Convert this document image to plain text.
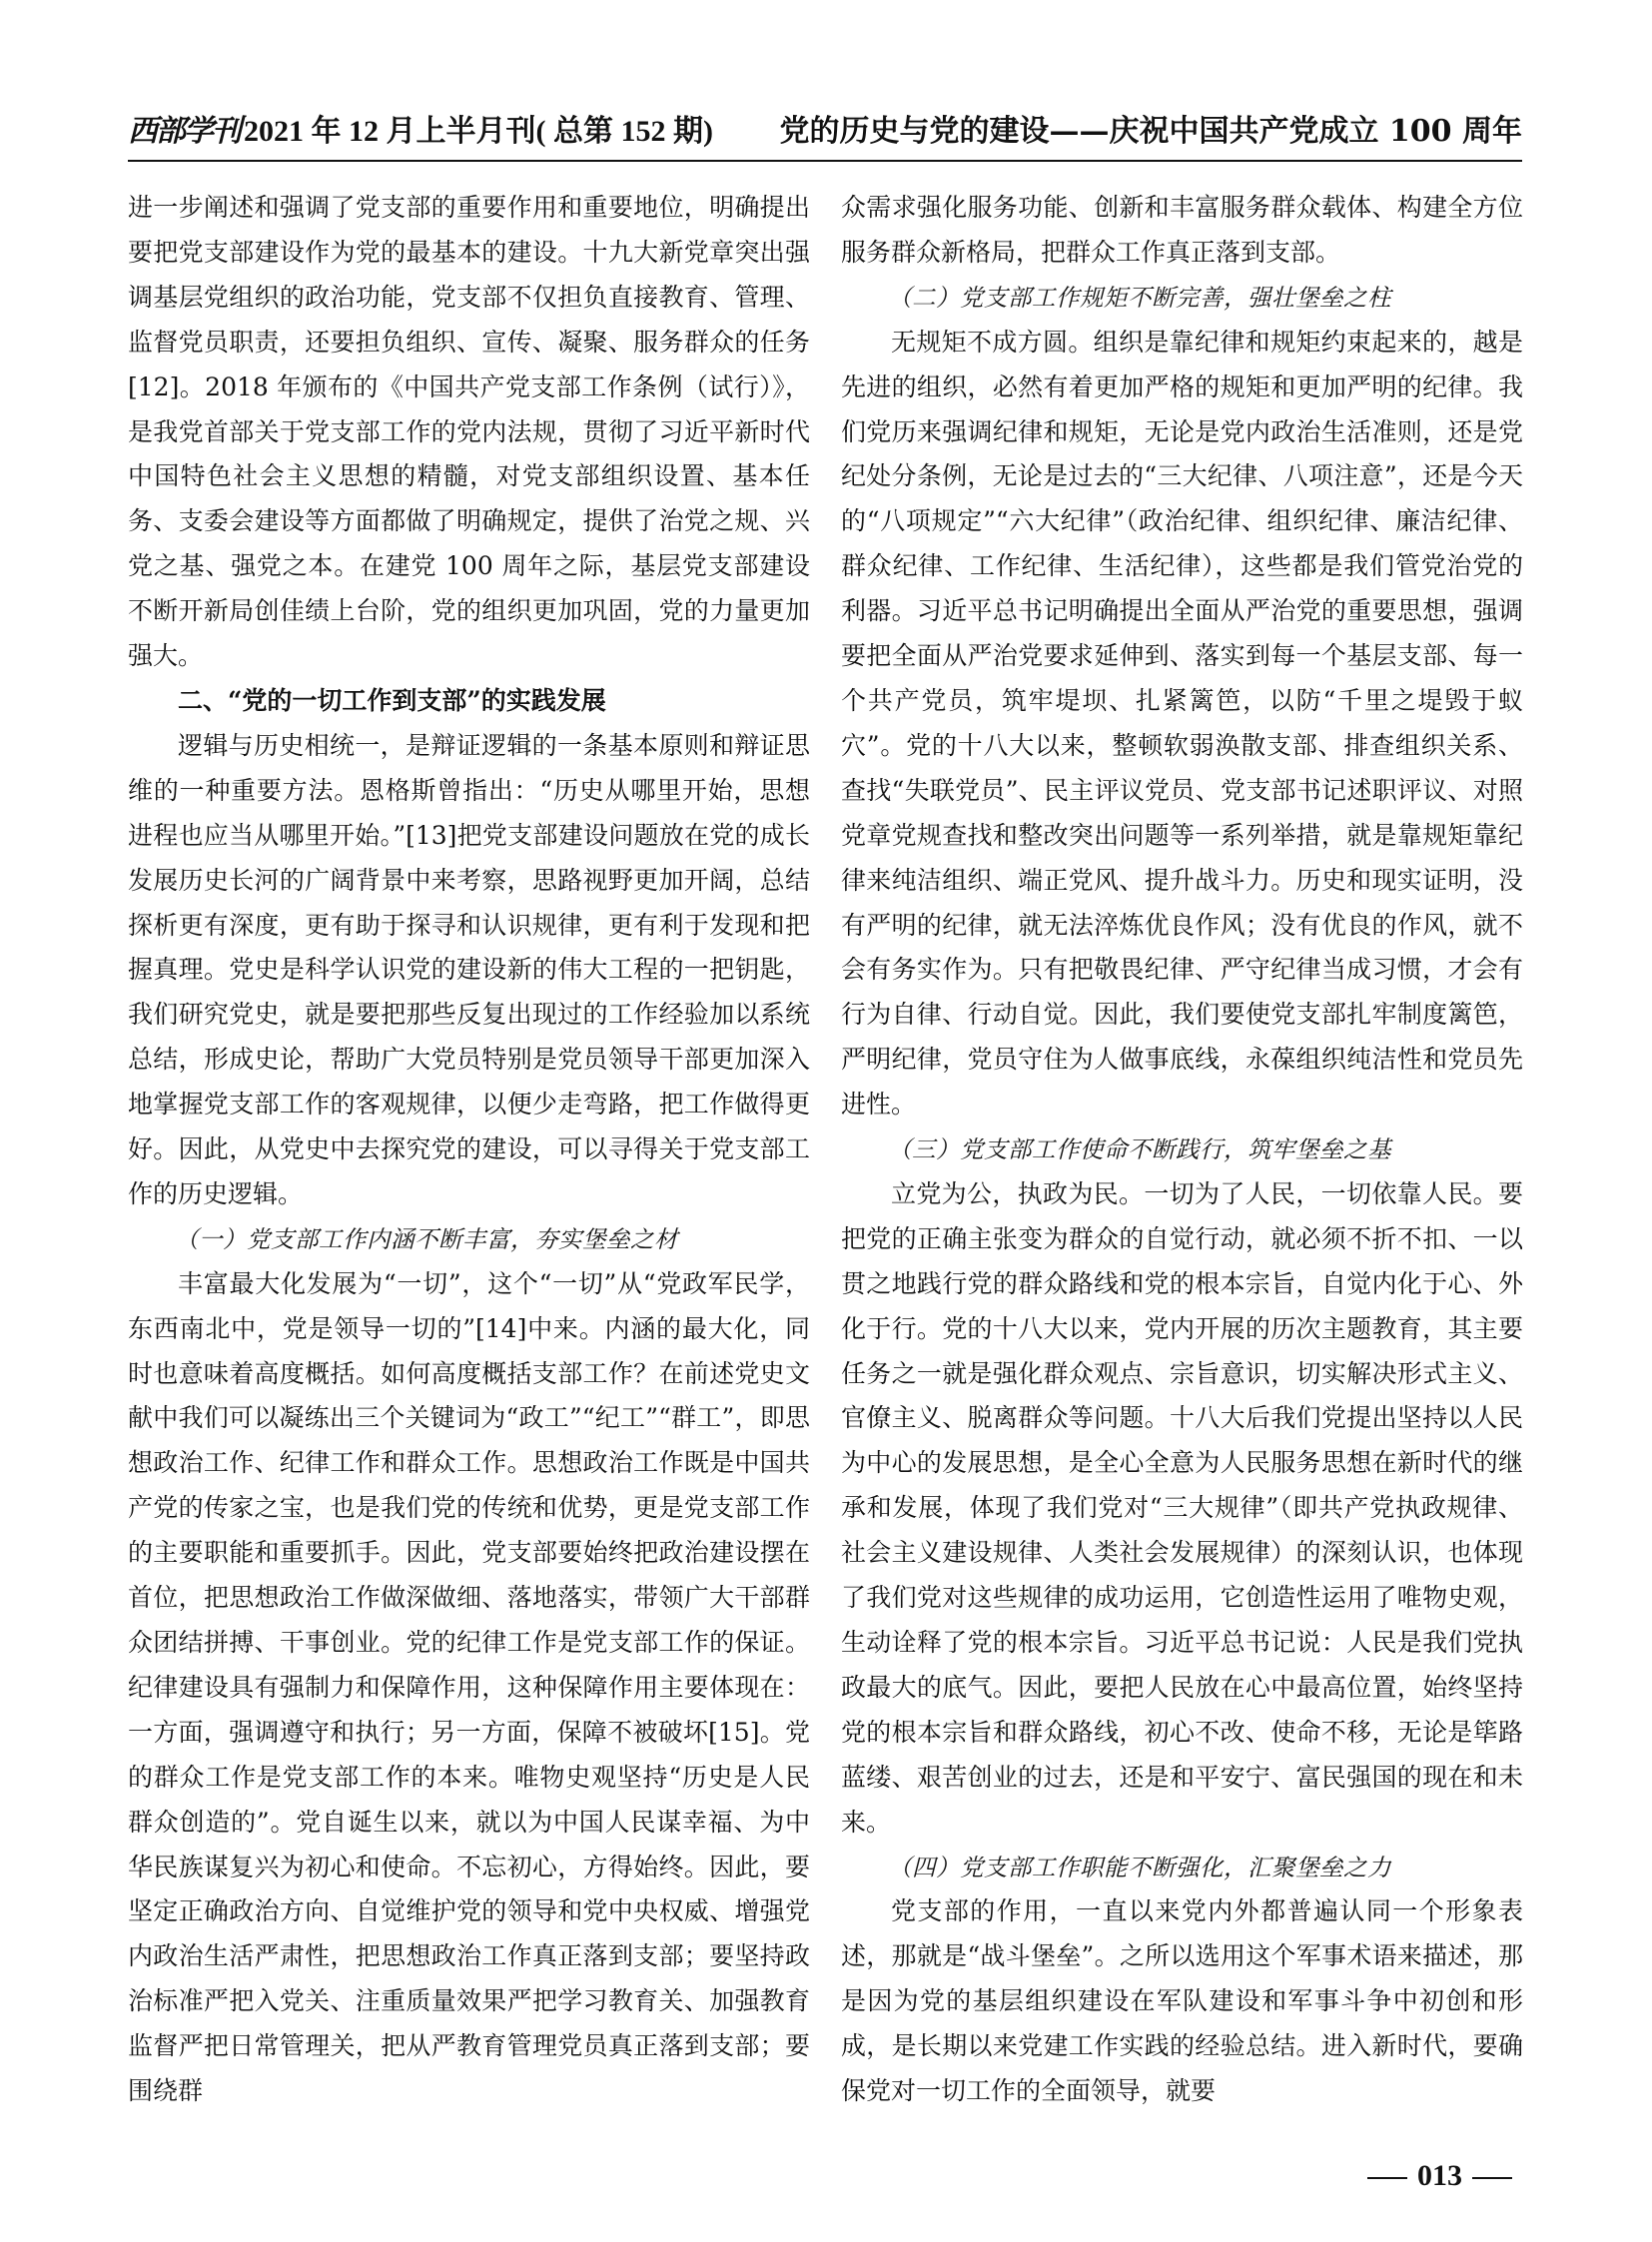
西部学刊 2021 年 12 月上半月刊( 总第 152 期) 党的历史与党的建设——庆祝中国共产党成立 100 周年

进一步阐述和强调了党支部的重要作用和重要地位，明确提出要把党支部建设作为党的最基本的建设。十九大新党章突出强调基层党组织的政治功能，党支部不仅担负直接教育、管理、监督党员职责，还要担负组织、宣传、凝聚、服务群众的任务[12]。2018 年颁布的《中国共产党支部工作条例（试行）》，是我党首部关于党支部工作的党内法规，贯彻了习近平新时代中国特色社会主义思想的精髓，对党支部组织设置、基本任务、支委会建设等方面都做了明确规定，提供了治党之规、兴党之基、强党之本。在建党 100 周年之际，基层党支部建设不断开新局创佳绩上台阶，党的组织更加巩固，党的力量更加强大。

二、“党的一切工作到支部”的实践发展

逻辑与历史相统一，是辩证逻辑的一条基本原则和辩证思维的一种重要方法。恩格斯曾指出：“历史从哪里开始，思想进程也应当从哪里开始。”[13]把党支部建设问题放在党的成长发展历史长河的广阔背景中来考察，思路视野更加开阔，总结探析更有深度，更有助于探寻和认识规律，更有利于发现和把握真理。党史是科学认识党的建设新的伟大工程的一把钥匙，我们研究党史，就是要把那些反复出现过的工作经验加以系统总结，形成史论，帮助广大党员特别是党员领导干部更加深入地掌握党支部工作的客观规律，以便少走弯路，把工作做得更好。因此，从党史中去探究党的建设，可以寻得关于党支部工作的历史逻辑。

（一）党支部工作内涵不断丰富，夯实堡垒之材

丰富最大化发展为“一切”，这个“一切”从“党政军民学，东西南北中，党是领导一切的”[14]中来。内涵的最大化，同时也意味着高度概括。如何高度概括支部工作？在前述党史文献中我们可以凝练出三个关键词为“政工”“纪工”“群工”，即思想政治工作、纪律工作和群众工作。思想政治工作既是中国共产党的传家之宝，也是我们党的传统和优势，更是党支部工作的主要职能和重要抓手。因此，党支部要始终把政治建设摆在首位，把思想政治工作做深做细、落地落实，带领广大干部群众团结拼搏、干事创业。党的纪律工作是党支部工作的保证。纪律建设具有强制力和保障作用，这种保障作用主要体现在：一方面，强调遵守和执行；另一方面，保障不被破坏[15]。党的群众工作是党支部工作的本来。唯物史观坚持“历史是人民群众创造的”。党自诞生以来，就以为中国人民谋幸福、为中华民族谋复兴为初心和使命。不忘初心，方得始终。因此，要坚定正确政治方向、自觉维护党的领导和党中央权威、增强党内政治生活严肃性，把思想政治工作真正落到支部；要坚持政治标准严把入党关、注重质量效果严把学习教育关、加强教育监督严把日常管理关，把从严教育管理党员真正落到支部；要围绕群

众需求强化服务功能、创新和丰富服务群众载体、构建全方位服务群众新格局，把群众工作真正落到支部。

（二）党支部工作规矩不断完善，强壮堡垒之柱

无规矩不成方圆。组织是靠纪律和规矩约束起来的，越是先进的组织，必然有着更加严格的规矩和更加严明的纪律。我们党历来强调纪律和规矩，无论是党内政治生活准则，还是党纪处分条例，无论是过去的“三大纪律、八项注意”，还是今天的“八项规定”“六大纪律”（政治纪律、组织纪律、廉洁纪律、群众纪律、工作纪律、生活纪律），这些都是我们管党治党的利器。习近平总书记明确提出全面从严治党的重要思想，强调要把全面从严治党要求延伸到、落实到每一个基层支部、每一个共产党员，筑牢堤坝、扎紧篱笆，以防“千里之堤毁于蚁穴”。党的十八大以来，整顿软弱涣散支部、排查组织关系、查找“失联党员”、民主评议党员、党支部书记述职评议、对照党章党规查找和整改突出问题等一系列举措，就是靠规矩靠纪律来纯洁组织、端正党风、提升战斗力。历史和现实证明，没有严明的纪律，就无法淬炼优良作风；没有优良的作风，就不会有务实作为。只有把敬畏纪律、严守纪律当成习惯，才会有行为自律、行动自觉。因此，我们要使党支部扎牢制度篱笆，严明纪律，党员守住为人做事底线，永葆组织纯洁性和党员先进性。

（三）党支部工作使命不断践行，筑牢堡垒之基

立党为公，执政为民。一切为了人民，一切依靠人民。要把党的正确主张变为群众的自觉行动，就必须不折不扣、一以贯之地践行党的群众路线和党的根本宗旨，自觉内化于心、外化于行。党的十八大以来，党内开展的历次主题教育，其主要任务之一就是强化群众观点、宗旨意识，切实解决形式主义、官僚主义、脱离群众等问题。十八大后我们党提出坚持以人民为中心的发展思想，是全心全意为人民服务思想在新时代的继承和发展，体现了我们党对“三大规律”（即共产党执政规律、社会主义建设规律、人类社会发展规律）的深刻认识，也体现了我们党对这些规律的成功运用，它创造性运用了唯物史观，生动诠释了党的根本宗旨。习近平总书记说：人民是我们党执政最大的底气。因此，要把人民放在心中最高位置，始终坚持党的根本宗旨和群众路线，初心不改、使命不移，无论是筚路蓝缕、艰苦创业的过去，还是和平安宁、富民强国的现在和未来。

（四）党支部工作职能不断强化，汇聚堡垒之力

党支部的作用，一直以来党内外都普遍认同一个形象表述，那就是“战斗堡垒”。之所以选用这个军事术语来描述，那是因为党的基层组织建设在军队建设和军事斗争中初创和形成，是长期以来党建工作实践的经验总结。进入新时代，要确保党对一切工作的全面领导，就要

013
